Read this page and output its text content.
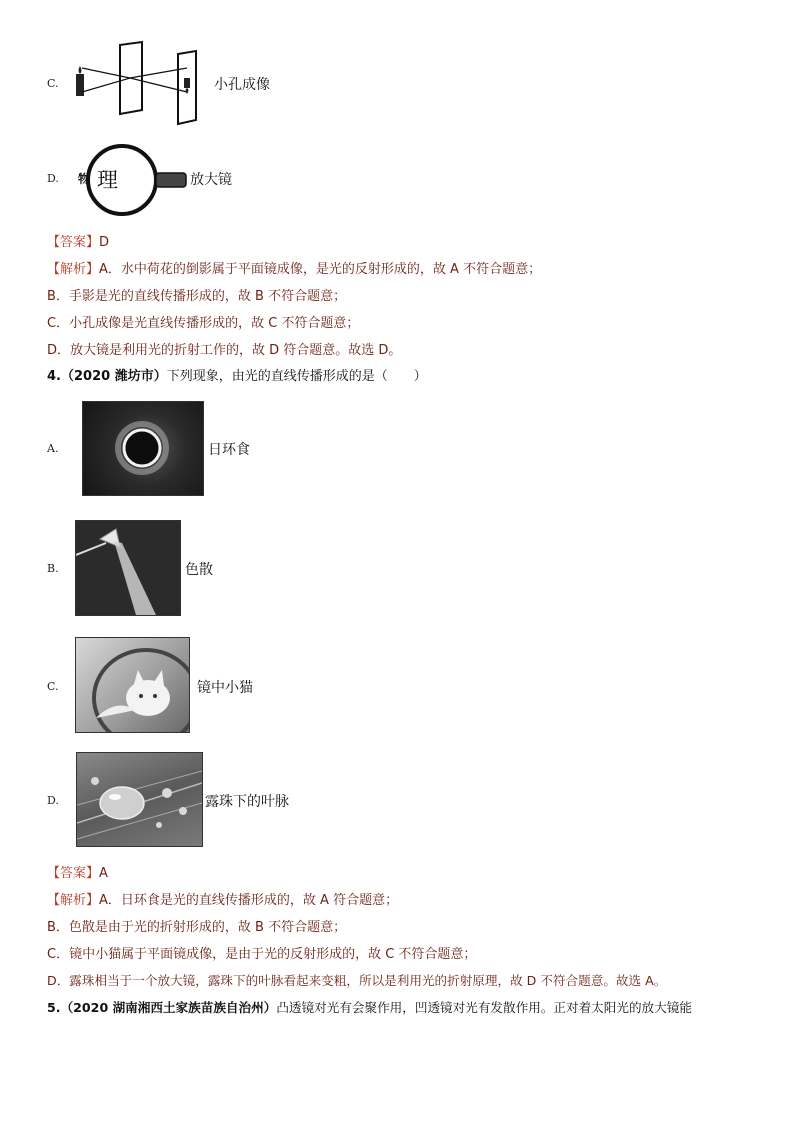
C.	小孔成像
D. 物 理	放大镜
【答案】D
【解析】A．水中荷花的倒影属于平面镜成像，是光的反射形成的，故 A 不符合题意；
B．手影是光的直线传播形成的，故 B 不符合题意；
C．小孔成像是光直线传播形成的，故 C 不符合题意；
D．放大镜是利用光的折射工作的，故 D 符合题意。故选 D。
4.（2020 潍坊市）下列现象，由光的直线传播形成的是（　　）
A.	日环食
B.	色散
C.	镜中小猫
D.	露珠下的叶脉
【答案】A
【解析】A．日环食是光的直线传播形成的，故 A 符合题意；
B．色散是由于光的折射形成的，故 B 不符合题意；
C．镜中小猫属于平面镜成像，是由于光的反射形成的，故 C 不符合题意；
D．露珠相当于一个放大镜，露珠下的叶脉看起来变粗，所以是利用光的折射原理，故 D 不符合题意。故选 A。
5.（2020 湖南湘西土家族苗族自治州）凸透镜对光有会聚作用，凹透镜对光有发散作用。正对着太阳光的放大镜能
